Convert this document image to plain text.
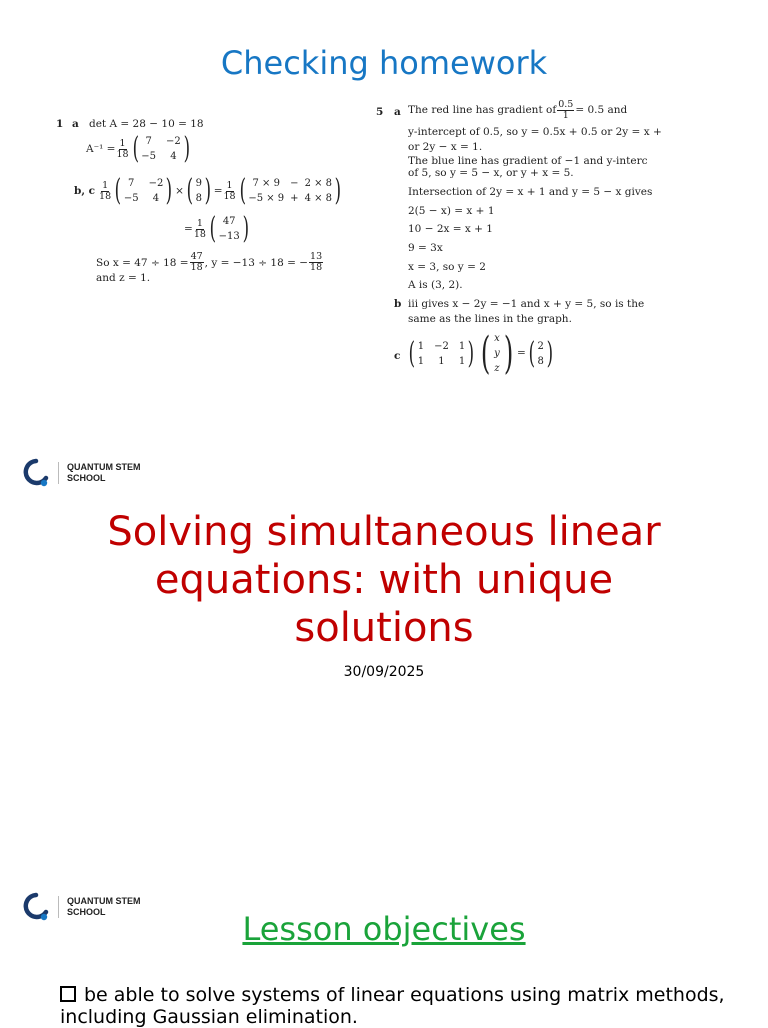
Checking homework
1 a det A = 28 − 10 = 18
$A^{-1} = \frac{1}{18}$ ( 7	−2
−5	4 )
b, c $\frac{1}{18}$ ( 7	−2
−5	4 ) × ( 9
8 ) = $\frac{1}{18}$ ( 7 × 9	− 2 × 8
−5 × 9 + 4 × 8 )
= $\frac{1}{18}$ ( 47
−13 )
So $x = 47 \div 18 = \frac{47}{18}$ , y = −13 ÷ 18 = − $\frac{13}{18}$
and z = 1.
5 a The red line has gradient of $\frac{0.5}{1} = 0.5$ and
y-intercept of 0.5, so y = 0.5x + 0.5 or 2y = x +
or 2y − x = 1.
The blue line has gradient of −1 and y-interc
of 5, so y = 5 − x, or y + x = 5.
Intersection of 2y = x + 1 and y = 5 − x gives
2(5 − x) = x + 1
10 − 2x = x + 1
9 = 3x
x = 3, so y = 2
A is (3, 2).
b iii gives x − 2y = −1 and x + y = 5, so is the
same as the lines in the graph.
c ( 1 −2 1
1	1	1 ) ( x
y
z ) = ( 2
8 )
QUANTUM STEM
SCHOOL
Solving simultaneous linear equations: with unique solutions
30/09/2025
QUANTUM STEM
SCHOOL	Lesson objectives
be able to solve systems of linear equations using matrix methods, including Gaussian elimination.
